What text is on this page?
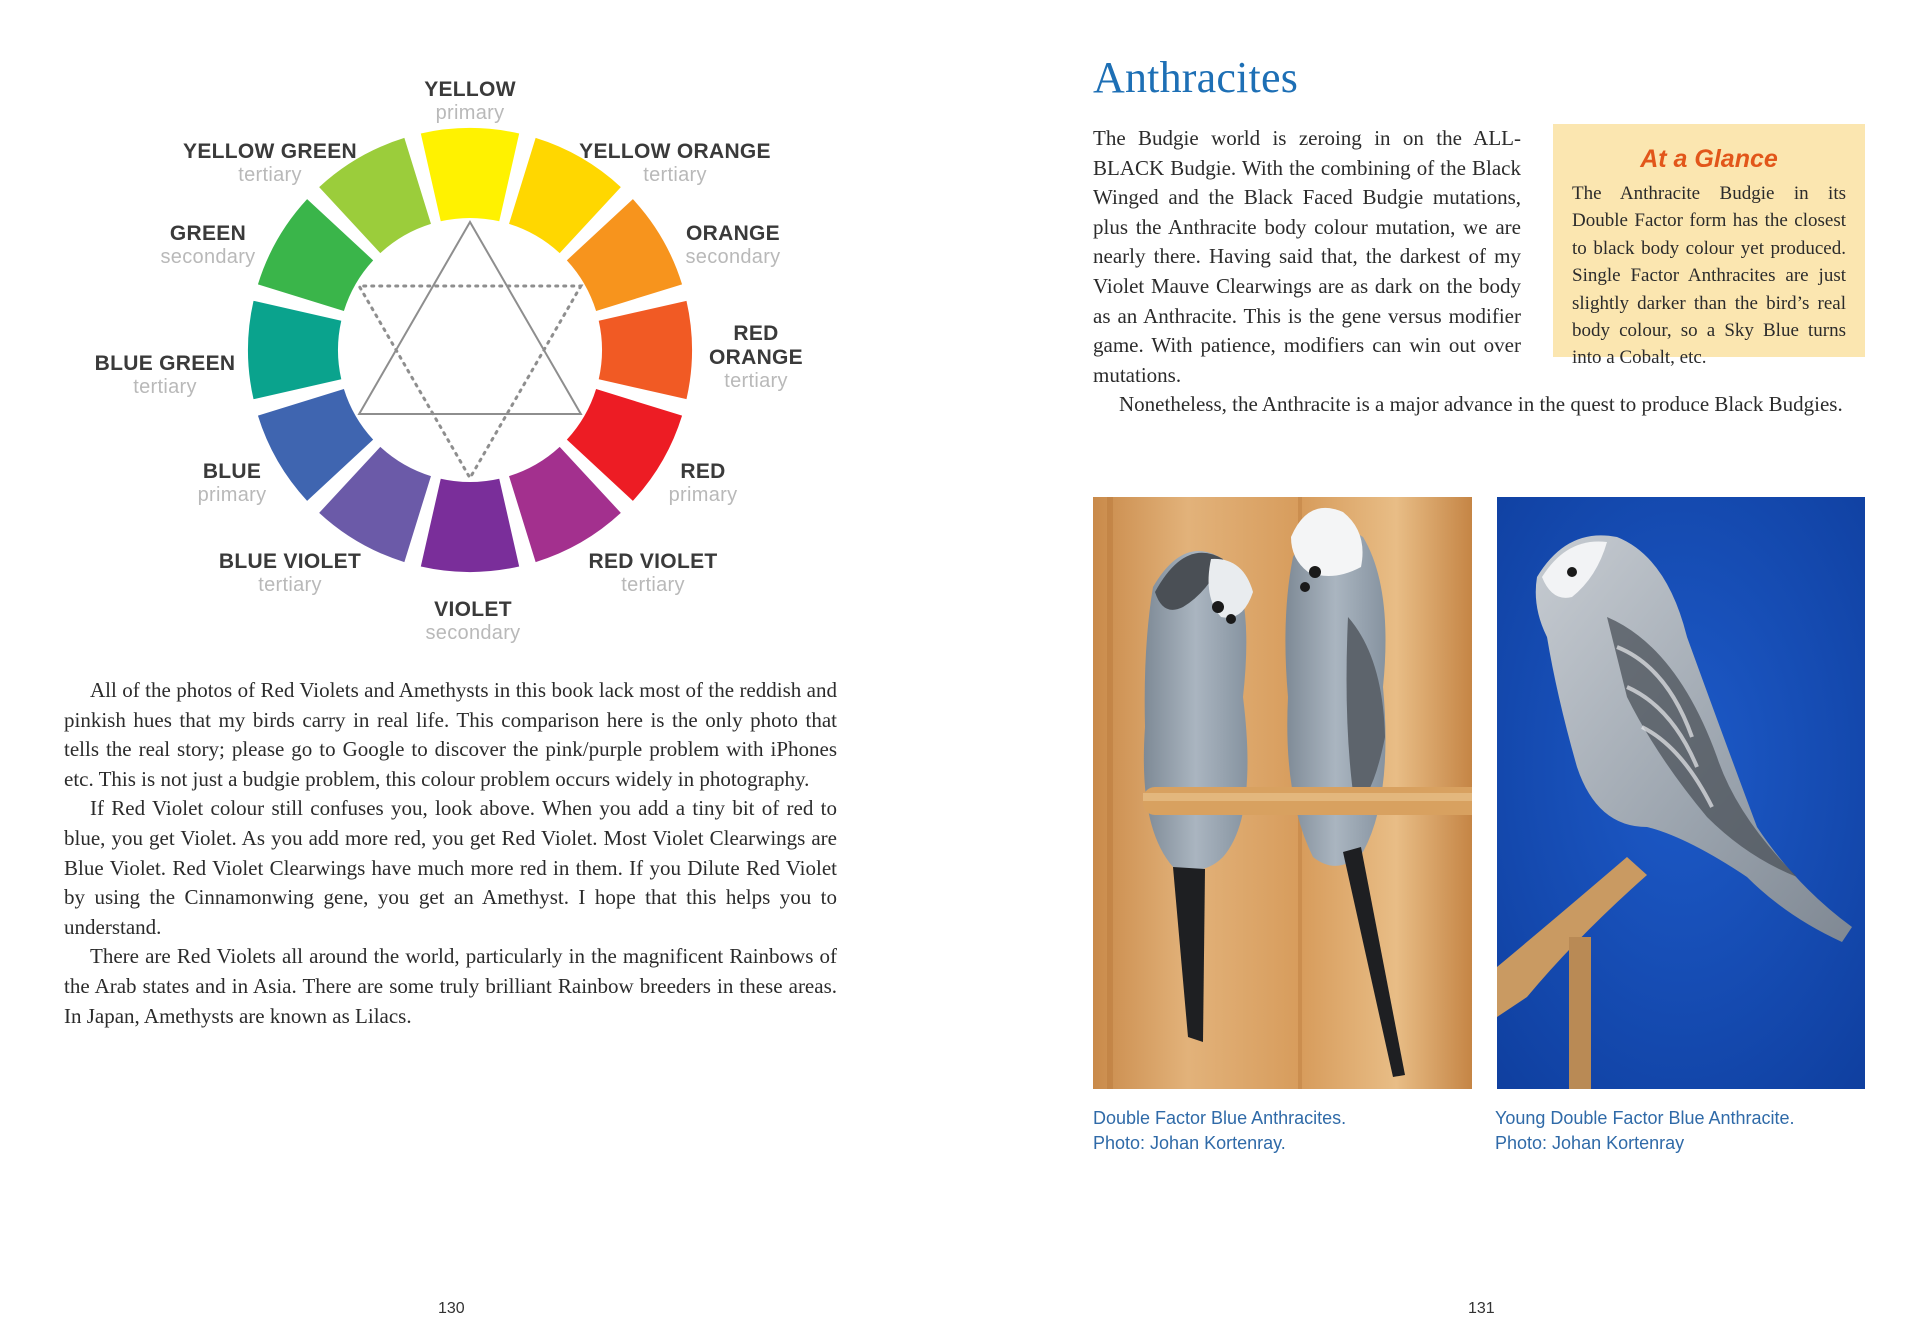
YELLOW
primary
YELLOW ORANGE
tertiary
ORANGE
secondary
RED
ORANGE
tertiary
RED
primary
RED VIOLET
tertiary
VIOLET
secondary
BLUE VIOLET
tertiary
BLUE
primary
BLUE GREEN
tertiary
GREEN
secondary
YELLOW GREEN
tertiary

All of the photos of Red Violets and Amethysts in this book lack most of the reddish and pinkish hues that my birds carry in real life. This comparison here is the only photo that tells the real story; please go to Google to discover the pink/purple problem with iPhones etc. This is not just a budgie problem, this colour problem occurs widely in photography.

If Red Violet colour still confuses you, look above. When you add a tiny bit of red to blue, you get Violet. As you add more red, you get Red Violet. Most Violet Clearwings are Blue Violet. Red Violet Clearwings have much more red in them. If you Dilute Red Violet by using the Cinnamonwing gene, you get an Amethyst. I hope that this helps you to understand.

There are Red Violets all around the world, particularly in the magnificent Rainbows of the Arab states and in Asia. There are some truly brilliant Rainbow breeders in these areas. In Japan, Amethysts are known as Lilacs.

130
Anthracites
At a Glance

The Anthracite Budgie in its Double Factor form has the closest to black body colour yet produced. Single Factor Anthracites are just slightly darker than the bird’s real body colour, so a Sky Blue turns into a Cobalt, etc.

The Budgie world is zeroing in on the ALL-BLACK Budgie. With the combining of the Black Winged and the Black Faced Budgie mutations, plus the Anthracite body colour mutation, we are nearly there. Having said that, the darkest of my Violet Mauve Clearwings are as dark on the body as an Anthracite. This is the gene versus modifier game. With patience, modifiers can win out over mutations.

Nonetheless, the Anthracite is a major advance in the quest to produce Black Budgies.

Double Factor Blue Anthracites.
Photo: Johan Kortenray.
Young Double Factor Blue Anthracite.
Photo: Johan Kortenray
131
